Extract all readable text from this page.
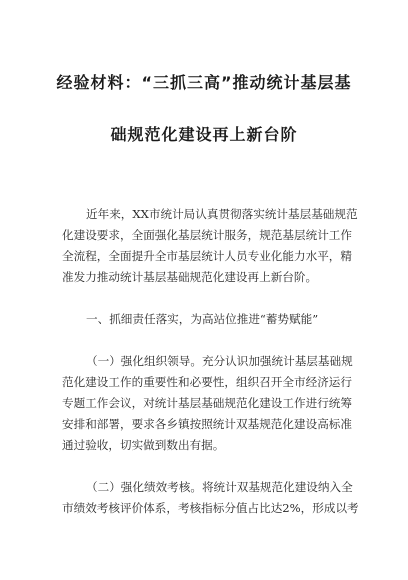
经验材料：“三抓三高”推动统计基层基
础规范化建设再上新台阶
近年来，XX市统计局认真贯彻落实统计基层基础规范
化建设要求，全面强化基层统计服务，规范基层统计工作
全流程，全面提升全市基层统计人员专业化能力水平，精
准发力推动统计基层基础规范化建设再上新台阶。
一、抓细责任落实，为高站位推进“蓄势赋能”
（一）强化组织领导。充分认识加强统计基层基础规
范化建设工作的重要性和必要性，组织召开全市经济运行
专题工作会议，对统计基层基础规范化建设工作进行统筹
安排和部署，要求各乡镇按照统计双基规范化建设高标准
通过验收，切实做到数出有据。
（二）强化绩效考核。将统计双基规范化建设纳入全
市绩效考核评价体系，考核指标分值占比达2%，形成以考
